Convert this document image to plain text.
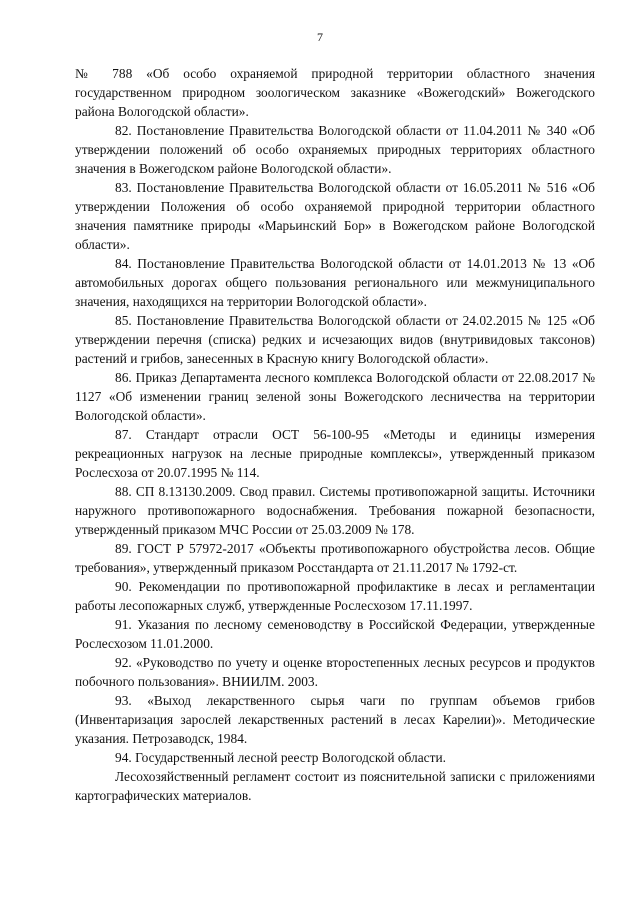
7

№ 788 «Об особо охраняемой природной территории областного значения государственном природном зоологическом заказнике «Вожегодский» Вожегодского района Вологодской области».

82. Постановление Правительства Вологодской области от 11.04.2011 № 340 «Об утверждении положений об особо охраняемых природных территориях областного значения в Вожегодском районе Вологодской области».

83. Постановление Правительства Вологодской области от 16.05.2011 № 516 «Об утверждении Положения об особо охраняемой природной территории областного значения памятнике природы «Марьинский Бор» в Вожегодском районе Вологодской области».

84. Постановление Правительства Вологодской области от 14.01.2013 № 13 «Об автомобильных дорогах общего пользования регионального или межмуниципального значения, находящихся на территории Вологодской области».

85. Постановление Правительства Вологодской области от 24.02.2015 № 125 «Об утверждении перечня (списка) редких и исчезающих видов (внутривидовых таксонов) растений и грибов, занесенных в Красную книгу Вологодской области».

86. Приказ Департамента лесного комплекса Вологодской области от 22.08.2017 № 1127 «Об изменении границ зеленой зоны Вожегодского лесничества на территории Вологодской области».

87. Стандарт отрасли ОСТ 56-100-95 «Методы и единицы измерения рекреационных нагрузок на лесные природные комплексы», утвержденный приказом Рослесхоза от 20.07.1995 № 114.

88. СП 8.13130.2009. Свод правил. Системы противопожарной защиты. Источники наружного противопожарного водоснабжения. Требования пожарной безопасности, утвержденный приказом МЧС России от 25.03.2009 № 178.

89. ГОСТ Р 57972-2017 «Объекты противопожарного обустройства лесов. Общие требования», утвержденный приказом Росстандарта от 21.11.2017 № 1792-ст.

90. Рекомендации по противопожарной профилактике в лесах и регламентации работы лесопожарных служб, утвержденные Рослесхозом 17.11.1997.

91. Указания по лесному семеноводству в Российской Федерации, утвержденные Рослесхозом 11.01.2000.

92. «Руководство по учету и оценке второстепенных лесных ресурсов и продуктов побочного пользования». ВНИИЛМ. 2003.

93. «Выход лекарственного сырья чаги по группам объемов грибов (Инвентаризация зарослей лекарственных растений в лесах Карелии)». Методические указания. Петрозаводск, 1984.

94. Государственный лесной реестр Вологодской области.

Лесохозяйственный регламент состоит из пояснительной записки с приложениями картографических материалов.
